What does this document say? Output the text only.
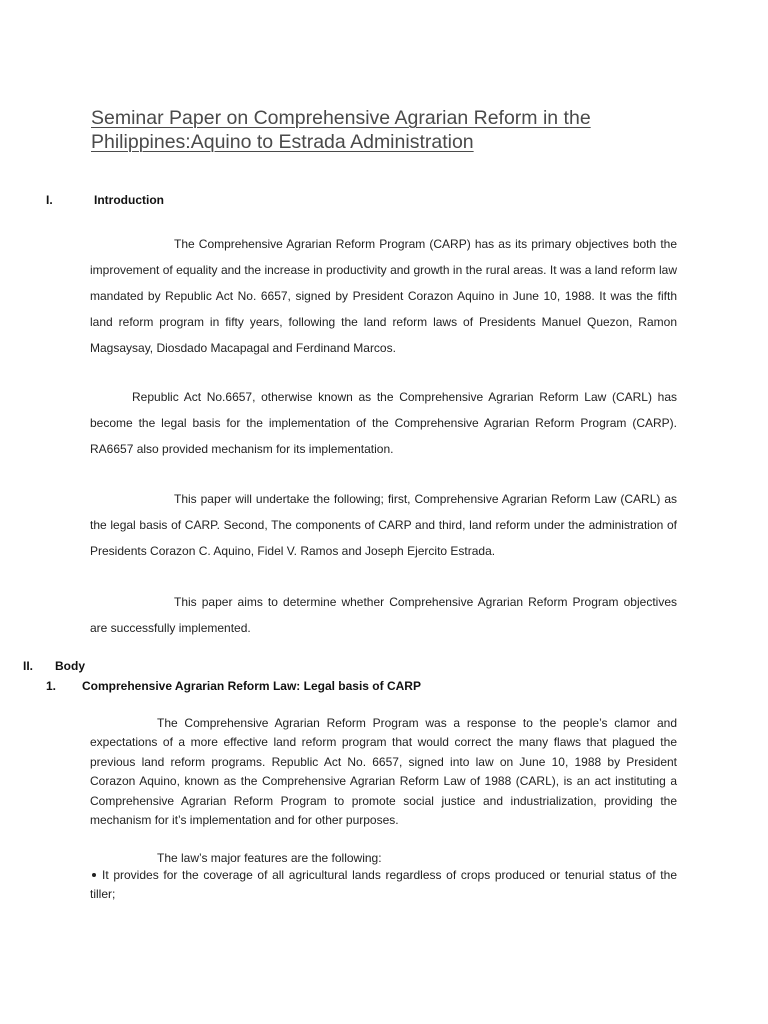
Seminar Paper on Comprehensive Agrarian Reform in the
Philippines:Aquino to Estrada Administration
I.	Introduction

The Comprehensive Agrarian Reform Program (CARP) has as its primary objectives both the improvement of equality and the increase in productivity and growth in the rural areas. It was a land reform law mandated by Republic Act No. 6657, signed by President Corazon Aquino in June 10, 1988. It was the fifth land reform program in fifty years, following the land reform laws of Presidents Manuel Quezon, Ramon Magsaysay, Diosdado Macapagal and Ferdinand Marcos.

Republic Act No.6657, otherwise known as the Comprehensive Agrarian Reform Law (CARL) has become the legal basis for the implementation of the Comprehensive Agrarian Reform Program (CARP). RA6657 also provided mechanism for its implementation.

This paper will undertake the following; first, Comprehensive Agrarian Reform Law (CARL) as the legal basis of CARP. Second, The components of CARP and third, land reform under the administration of Presidents Corazon C. Aquino, Fidel V. Ramos and Joseph Ejercito Estrada.

This paper aims to determine whether Comprehensive Agrarian Reform Program objectives are successfully implemented.

II. Body
1. Comprehensive Agrarian Reform Law: Legal basis of CARP

The Comprehensive Agrarian Reform Program was a response to the people’s clamor and expectations of a more effective land reform program that would correct the many flaws that plagued the previous land reform programs. Republic Act No. 6657, signed into law on June 10, 1988 by President Corazon Aquino, known as the Comprehensive Agrarian Reform Law of 1988 (CARL), is an act instituting a Comprehensive Agrarian Reform Program to promote social justice and industrialization, providing the mechanism for it’s implementation and for other purposes.

The law’s major features are the following:

It provides for the coverage of all agricultural lands regardless of crops produced or tenurial status of the tiller;
